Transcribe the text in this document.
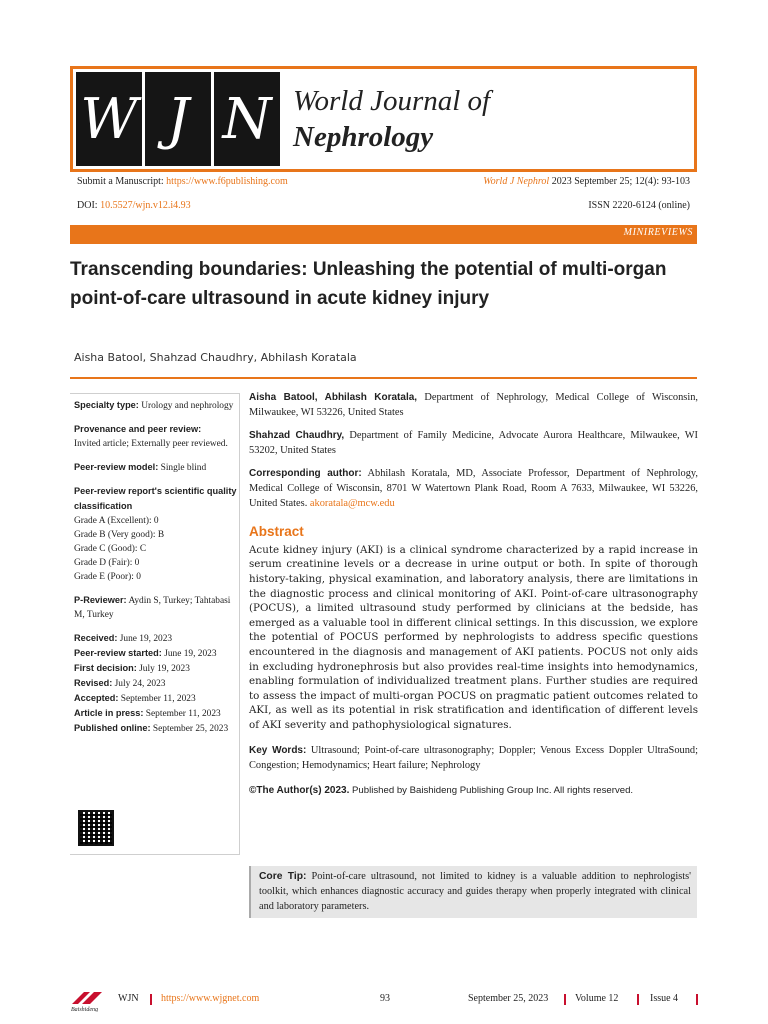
W J N World Journal of
Nephrology
Submit a Manuscript: https://www.f6publishing.com	World J Nephrol 2023 September 25; 12(4): 93-103
DOI: 10.5527/wjn.v12.i4.93	ISSN 2220-6124 (online)
MINIREVIEWS
Transcending boundaries: Unleashing the potential of multi-organ
point-of-care ultrasound in acute kidney injury
Aisha Batool, Shahzad Chaudhry, Abhilash Koratala
Specialty type: Urology and nephrology
Provenance and peer review:
Invited article; Externally peer reviewed.
Peer-review model: Single blind
Peer-review report's scientific quality classification
Grade A (Excellent): 0
Grade B (Very good): B
Grade C (Good): C
Grade D (Fair): 0
Grade E (Poor): 0
P-Reviewer: Aydin S, Turkey; Tahtabasi M, Turkey
Received: June 19, 2023
Peer-review started: June 19, 2023
First decision: July 19, 2023
Revised: July 24, 2023
Accepted: September 11, 2023
Article in press: September 11, 2023
Published online: September 25, 2023

Aisha Batool, Abhilash Koratala, Department of Nephrology, Medical College of Wisconsin, Milwaukee, WI 53226, United States

Shahzad Chaudhry, Department of Family Medicine, Advocate Aurora Healthcare, Milwaukee, WI 53202, United States

Corresponding author: Abhilash Koratala, MD, Associate Professor, Department of Nephrology, Medical College of Wisconsin, 8701 W Watertown Plank Road, Room A 7633, Milwaukee, WI 53226, United States. akoratala@mcw.edu

Abstract

Acute kidney injury (AKI) is a clinical syndrome characterized by a rapid increase in serum creatinine levels or a decrease in urine output or both. In spite of thorough history-taking, physical examination, and laboratory analysis, there are limitations in the diagnostic process and clinical monitoring of AKI. Point-of-care ultrasonography (POCUS), a limited ultrasound study performed by clinicians at the bedside, has emerged as a valuable tool in different clinical settings. In this discussion, we explore the potential of POCUS performed by nephrologists to address specific questions encountered in the diagnosis and management of AKI patients. POCUS not only aids in excluding hydronephrosis but also provides real-time insights into hemodynamics, enabling formulation of individualized treatment plans. Further studies are required to assess the impact of multi-organ POCUS on pragmatic patient outcomes related to AKI, as well as its potential in risk stratification and identification of different levels of AKI severity and pathophysiological signatures.

Key Words: Ultrasound; Point-of-care ultrasonography; Doppler; Venous Excess Doppler UltraSound; Congestion; Hemodynamics; Heart failure; Nephrology

©The Author(s) 2023. Published by Baishideng Publishing Group Inc. All rights reserved.

Core Tip: Point-of-care ultrasound, not limited to kidney is a valuable addition to nephrologists' toolkit, which enhances diagnostic accuracy and guides therapy when properly integrated with clinical and laboratory parameters.
Baishideng
WJN https://www.wjgnet.com	93	September 25, 2023	Volume 12	Issue 4
